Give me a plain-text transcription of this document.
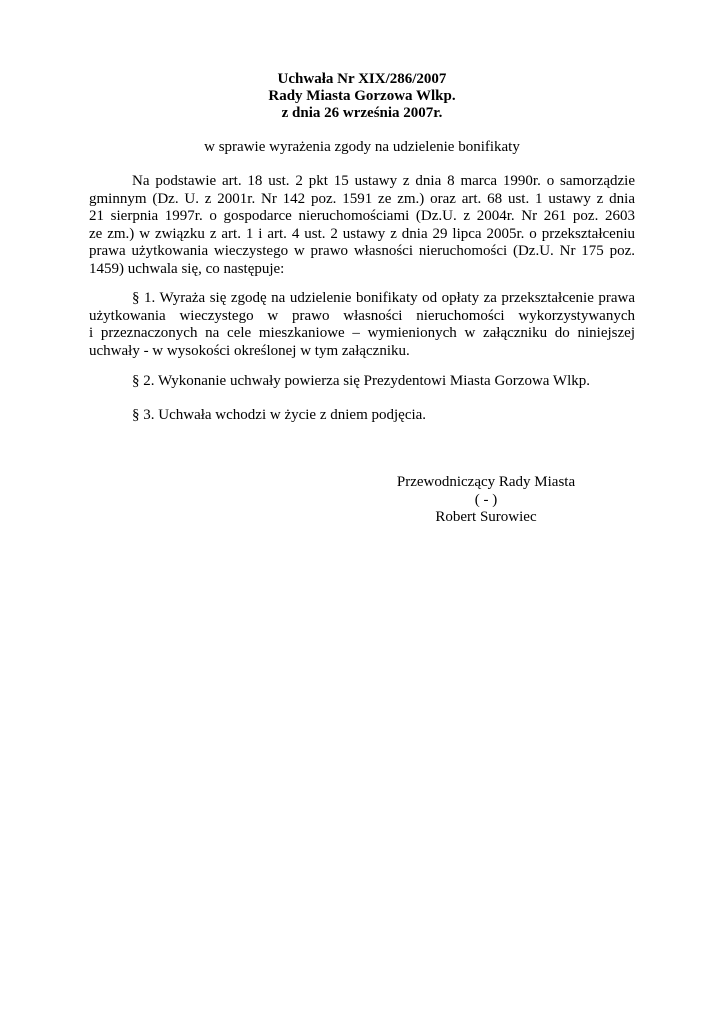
Uchwała Nr XIX/286/2007
Rady Miasta Gorzowa Wlkp.
z dnia 26 września 2007r.
w sprawie wyrażenia zgody na udzielenie bonifikaty
Na podstawie art. 18 ust. 2 pkt 15 ustawy z dnia 8 marca 1990r. o samorządzie
gminnym (Dz. U. z 2001r. Nr 142 poz. 1591 ze zm.) oraz art. 68 ust. 1 ustawy z dnia
21 sierpnia 1997r. o gospodarce nieruchomościami (Dz.U. z 2004r. Nr 261 poz. 2603
ze zm.) w związku z art. 1 i art. 4 ust. 2 ustawy z dnia 29 lipca 2005r. o przekształceniu
prawa użytkowania wieczystego w prawo własności nieruchomości (Dz.U. Nr 175 poz.
1459) uchwala się, co następuje:
§ 1. Wyraża się zgodę na udzielenie bonifikaty od opłaty za przekształcenie prawa
użytkowania wieczystego w prawo własności nieruchomości wykorzystywanych
i przeznaczonych na cele mieszkaniowe – wymienionych w załączniku do niniejszej
uchwały - w wysokości określonej w tym załączniku.
§ 2. Wykonanie uchwały powierza się Prezydentowi Miasta Gorzowa Wlkp.
§ 3. Uchwała wchodzi w życie z dniem podjęcia.
Przewodniczący Rady Miasta
( - )
Robert Surowiec
